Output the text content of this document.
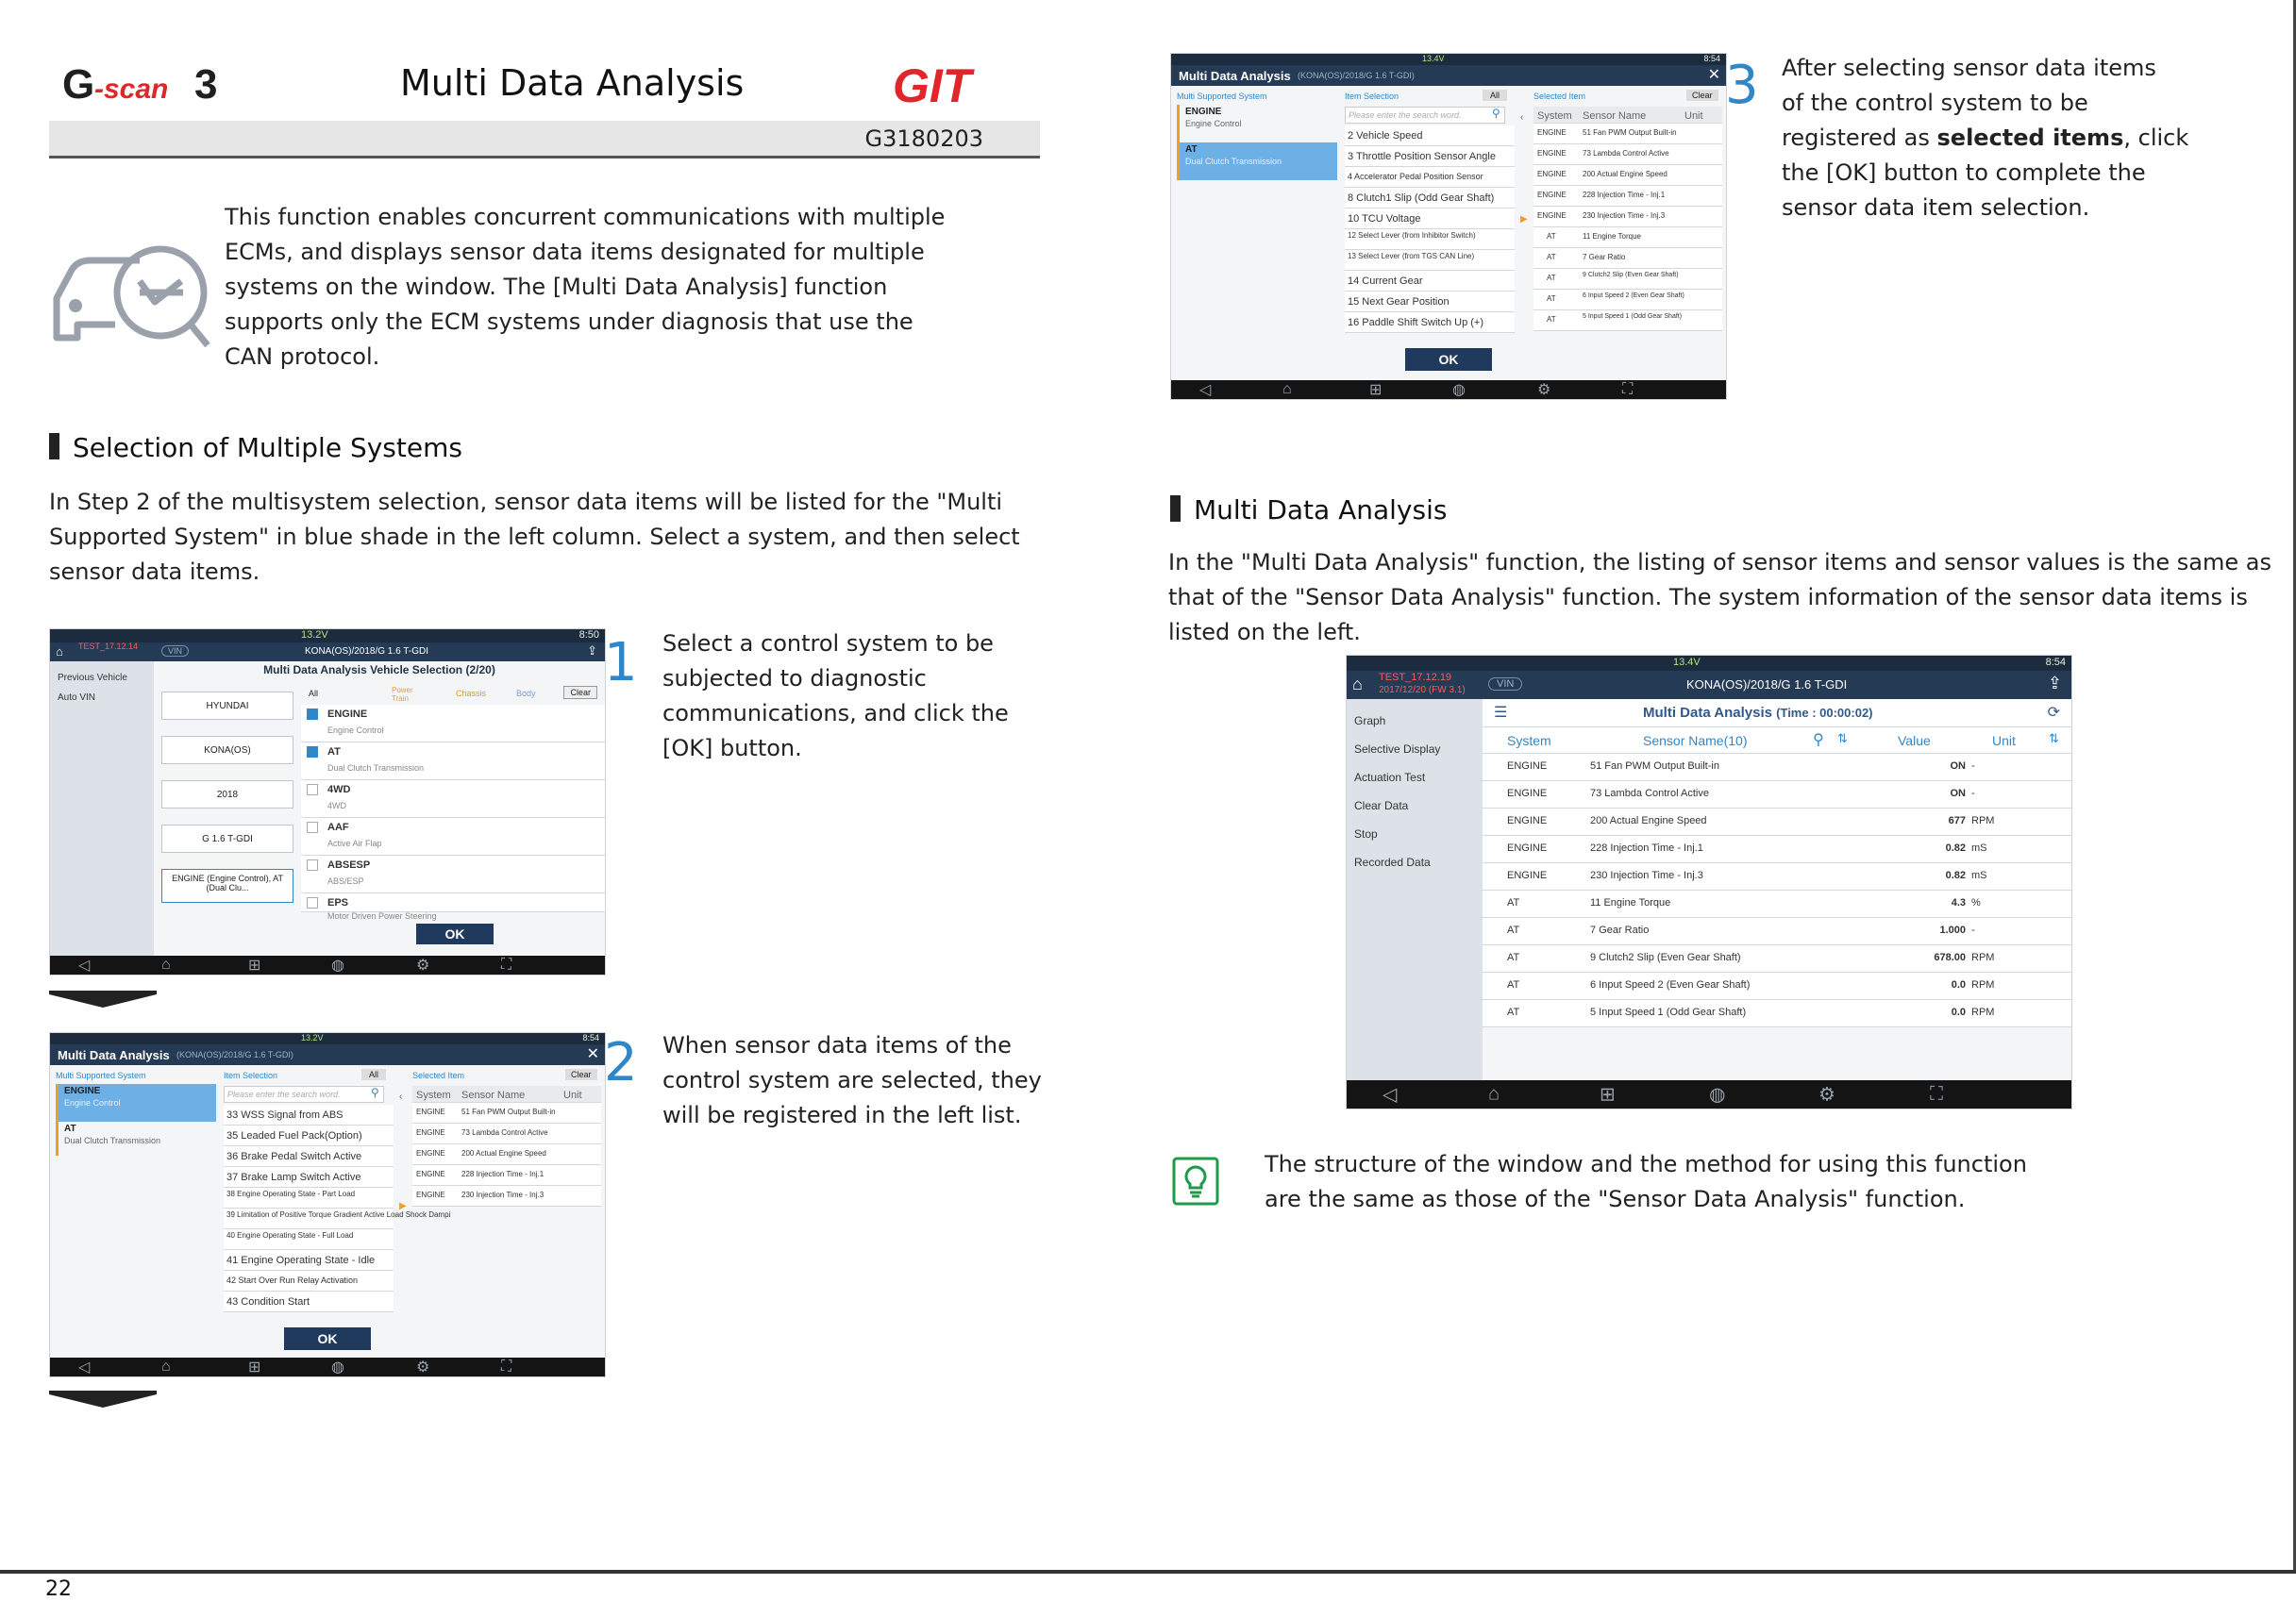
G -scan 3	Multi Data Analysis	GIT
G3180203
This function enables concurrent communications with multiple
ECMs, and displays sensor data items designated for multiple
systems on the window. The [Multi Data Analysis] function
supports only the ECM systems under diagnosis that use the
CAN protocol.
Selection of Multiple Systems
In Step 2 of the multisystem selection, sensor data items will be listed for the "Multi
Supported System" in blue shade in the left column. Select a system, and then select
sensor data items.
13.2V	8:50
⌂ TEST_17.12.14	VIN	KONA(OS)/2018/G 1.6 T-GDI	⇪
Previous Vehicle
Auto VIN
Multi Data Analysis Vehicle Selection (2/20)
HYUNDAI
KONA(OS)
2018
G 1.6 T-GDI
ENGINE (Engine Control), AT (Dual Clu...
All	Power Train
Chassis	Body	Clear
ENGINE
Engine Control
AT
Dual Clutch Transmission
4WD
4WD
AAF
Active Air Flap
ABSESP
ABS/ESP
EPS
Motor Driven Power Steering
OK
◁	⌂	⊞	◍	⚙	⛶
1 Select a control system to be
subjected to diagnostic
communications, and click the
[OK] button.
13.2V	8:54
Multi Data Analysis (KONA(OS)/2018/G 1.6 T-GDI)	✕
Multi Supported System
ENGINE
Engine Control
AT
Dual Clutch Transmission
Item Selection	All
Please enter the search word.	⚲
33 WSS Signal from ABS
35 Leaded Fuel Pack(Option)
36 Brake Pedal Switch Active
37 Brake Lamp Switch Active
38 Engine Operating State - Part Load
39 Limitation of Positive Torque Gradient Active Load Shock Dampi
40 Engine Operating State - Full Load
41 Engine Operating State - Idle
42 Start Over Run Relay Activation
43 Condition Start
‹
▶
Selected Item	Clear
System Sensor Name	Unit
ENGINE 51 Fan PWM Output Built-in
ENGINE 73 Lambda Control Active
ENGINE 200 Actual Engine Speed
ENGINE 228 Injection Time - Inj.1
ENGINE 230 Injection Time - Inj.3
OK
◁	⌂	⊞	◍	⚙	⛶
2 When sensor data items of the
control system are selected, they
will be registered in the left list.
13.4V	8:54
Multi Data Analysis (KONA(OS)/2018/G 1.6 T-GDI)	✕
Multi Supported System
ENGINE
Engine Control
AT
Dual Clutch Transmission
Item Selection	All
Please enter the search word.	⚲
2 Vehicle Speed
3 Throttle Position Sensor Angle
4 Accelerator Pedal Position Sensor
8 Clutch1 Slip (Odd Gear Shaft)
10 TCU Voltage
12 Select Lever (from Inhibitor Switch)
13 Select Lever (from TGS CAN Line)
14 Current Gear
15 Next Gear Position
16 Paddle Shift Switch Up (+)
‹
▶
Selected Item	Clear
System Sensor Name	Unit
ENGINE 51 Fan PWM Output Built-in
ENGINE 73 Lambda Control Active
ENGINE 200 Actual Engine Speed
ENGINE 228 Injection Time - Inj.1
ENGINE 230 Injection Time - Inj.3
AT	11 Engine Torque
AT	7 Gear Ratio
AT	9 Clutch2 Slip (Even Gear Shaft)
AT	6 Input Speed 2 (Even Gear Shaft)
AT	5 Input Speed 1 (Odd Gear Shaft)
OK
◁	⌂	⊞	◍	⚙	⛶
3 After selecting sensor data items
of the control system to be
registered as selected items, click
the [OK] button to complete the
sensor data item selection.
Multi Data Analysis
In the "Multi Data Analysis" function, the listing of sensor items and sensor values is the same as
that of the "Sensor Data Analysis" function. The system information of the sensor data items is
listed on the left.
13.4V	8:54
⌂ TEST_17.12.19
2017/12/20 (FW 3.1)
VIN	KONA(OS)/2018/G 1.6 T-GDI	⇪
Graph
Selective Display
Actuation Test
Clear Data
Stop
Recorded Data
☰	Multi Data Analysis (Time : 00:00:02)	⟳
System	Sensor Name(10)	⚲ ⇅	Value	Unit	⇅
ENGINE	51 Fan PWM Output Built-in	ON -
ENGINE	73 Lambda Control Active	ON -
ENGINE	200 Actual Engine Speed	677 RPM
ENGINE	228 Injection Time - Inj.1	0.82 mS
ENGINE	230 Injection Time - Inj.3	0.82 mS
AT	11 Engine Torque	4.3 %
AT	7 Gear Ratio	1.000 -
AT	9 Clutch2 Slip (Even Gear Shaft)	678.00 RPM
AT	6 Input Speed 2 (Even Gear Shaft)	0.0 RPM
AT	5 Input Speed 1 (Odd Gear Shaft)	0.0 RPM
◁	⌂	⊞	◍	⚙	⛶
The structure of the window and the method for using this function
are the same as those of the "Sensor Data Analysis" function.
22
